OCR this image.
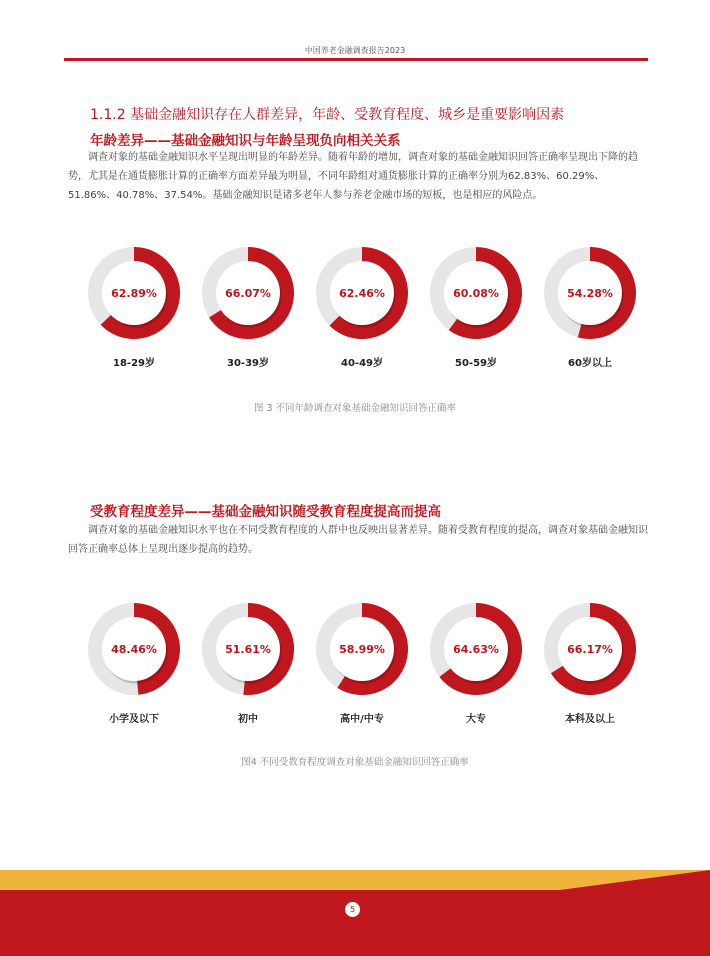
中国养老金融调查报告2023
1.1.2 基础金融知识存在人群差异，年龄、受教育程度、城乡是重要影响因素
年龄差异——基础金融知识与年龄呈现负向相关关系
调查对象的基础金融知识水平呈现出明显的年龄差异。随着年龄的增加，调查对象的基础金融知识回答正确率呈现出下降的趋势，尤其是在通货膨胀计算的正确率方面差异最为明显，不同年龄组对通货膨胀计算的正确率分别为62.83%、60.29%、51.86%、40.78%、37.54%。基础金融知识是诸多老年人参与养老金融市场的短板，也是相应的风险点。
62.89%
18-29岁
66.07%
30-39岁
62.46%
40-49岁
60.08%
50-59岁
54.28%
60岁以上
图 3 不同年龄调查对象基础金融知识回答正确率
受教育程度差异——基础金融知识随受教育程度提高而提高
调查对象的基础金融知识水平也在不同受教育程度的人群中也反映出显著差异。随着受教育程度的提高，调查对象基础金融知识回答正确率总体上呈现出逐步提高的趋势。
48.46%
小学及以下
51.61%
初中
58.99%
高中/中专
64.63%
大专
66.17%
本科及以上
图4 不同受教育程度调查对象基础金融知识回答正确率
5
